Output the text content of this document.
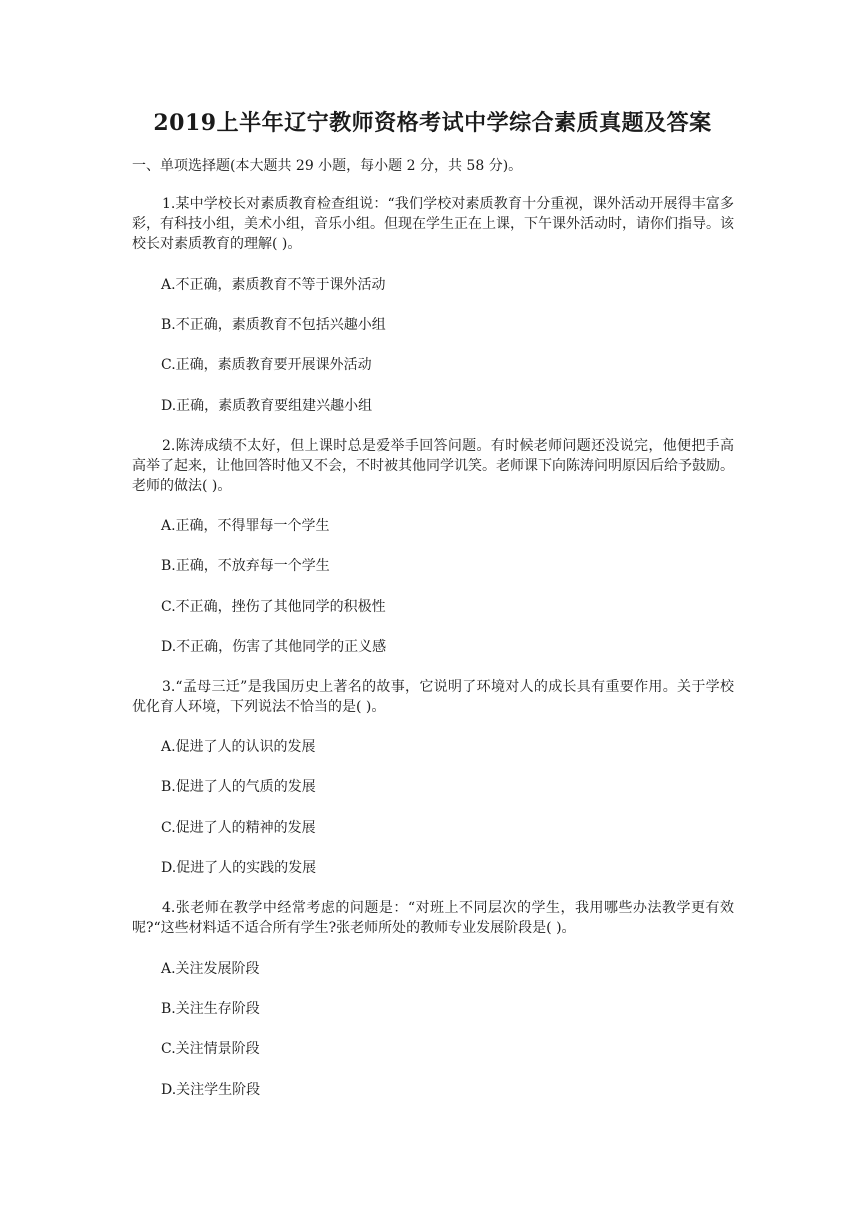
2019上半年辽宁教师资格考试中学综合素质真题及答案

一、单项选择题(本大题共 29 小题，每小题 2 分，共 58 分)。

1.某中学校长对素质教育检查组说：“我们学校对素质教育十分重视，课外活动开展得丰富多彩，有科技小组，美术小组，音乐小组。但现在学生正在上课，下午课外活动时，请你们指导。该校长对素质教育的理解( )。

A.不正确，素质教育不等于课外活动

B.不正确，素质教育不包括兴趣小组

C.正确，素质教育要开展课外活动

D.正确，素质教育要组建兴趣小组

2.陈涛成绩不太好，但上课时总是爱举手回答问题。有时候老师问题还没说完，他便把手高高举了起来，让他回答时他又不会，不时被其他同学讥笑。老师课下向陈涛问明原因后给予鼓励。老师的做法( )。

A.正确，不得罪每一个学生

B.正确，不放弃每一个学生

C.不正确，挫伤了其他同学的积极性

D.不正确，伤害了其他同学的正义感

3.“孟母三迁”是我国历史上著名的故事，它说明了环境对人的成长具有重要作用。关于学校优化育人环境，下列说法不恰当的是( )。

A.促进了人的认识的发展

B.促进了人的气质的发展

C.促进了人的精神的发展

D.促进了人的实践的发展

4.张老师在教学中经常考虑的问题是：“对班上不同层次的学生，我用哪些办法教学更有效呢?“这些材料适不适合所有学生?张老师所处的教师专业发展阶段是( )。

A.关注发展阶段

B.关注生存阶段

C.关注情景阶段

D.关注学生阶段
